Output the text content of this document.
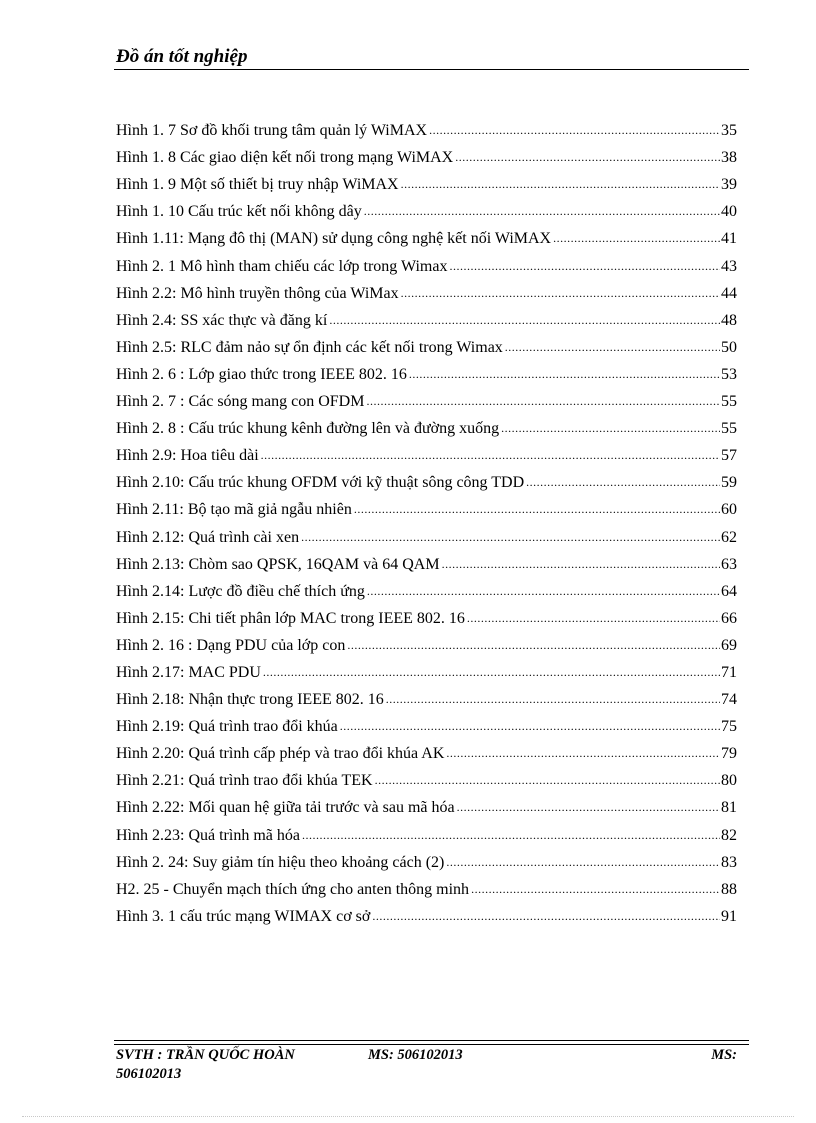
Đồ án tốt nghiệp
Hình 1. 7 Sơ đồ khối trung tâm quản lý WiMAX .....	35
Hình 1. 8 Các giao diện kết nối trong mạng WiMAX .....	38
Hình 1. 9 Một số thiết bị truy nhập WiMAX .....	39
Hình 1. 10 Cấu trúc kết nối không dây .....	40
Hình 1.11: Mạng đô thị (MAN) sử dụng công nghệ kết nối WiMAX .....	41
Hình 2. 1 Mô hình tham chiếu các lớp trong Wimax .....	43
Hình 2.2: Mô hình truyền thông của WiMax .....	44
Hình 2.4: SS xác thực và đăng kí .....	48
Hình 2.5: RLC đảm nảo sự ổn định các kết nối trong Wimax .....	50
Hình 2. 6 : Lớp giao thức trong IEEE 802. 16 .....	53
Hình 2. 7 : Các sóng mang con OFDM .....	55
Hình 2. 8 : Cấu trúc khung kênh đường lên và đường xuống .....	55
Hình 2.9: Hoa tiêu dài .....	57
Hình 2.10: Cấu trúc khung OFDM với kỹ thuật sông công TDD .....	59
Hình 2.11: Bộ tạo mã giả ngẫu nhiên .....	60
Hình 2.12: Quá trình cài xen .....	62
Hình 2.13: Chòm sao QPSK, 16QAM và 64 QAM .....	63
Hình 2.14: Lược đồ điều chế thích ứng .....	64
Hình 2.15: Chi tiết phân lớp MAC trong IEEE 802. 16 .....	66
Hình 2. 16 : Dạng PDU của lớp con .....	69
Hình 2.17: MAC PDU .....	71
Hình 2.18: Nhận thực trong IEEE 802. 16 .....	74
Hình 2.19: Quá trình trao đổi khúa .....	75
Hình 2.20: Quá trình cấp phép và trao đổi khúa AK .....	79
Hình 2.21: Quá trình trao đổi khúa TEK .....	80
Hình 2.22: Mối quan hệ giữa tải trước và sau mã hóa .....	81
Hình 2.23: Quá trình mã hóa .....	82
Hình 2. 24: Suy giảm tín hiệu theo khoảng cách (2) .....	83
H2. 25 - Chuyển mạch thích ứng cho anten thông minh .....	88
Hình 3. 1 cấu trúc mạng WIMAX cơ sở .....	91
SVTH : TRẦN QUỐC HOÀN	MS: 506102013	MS:
506102013
